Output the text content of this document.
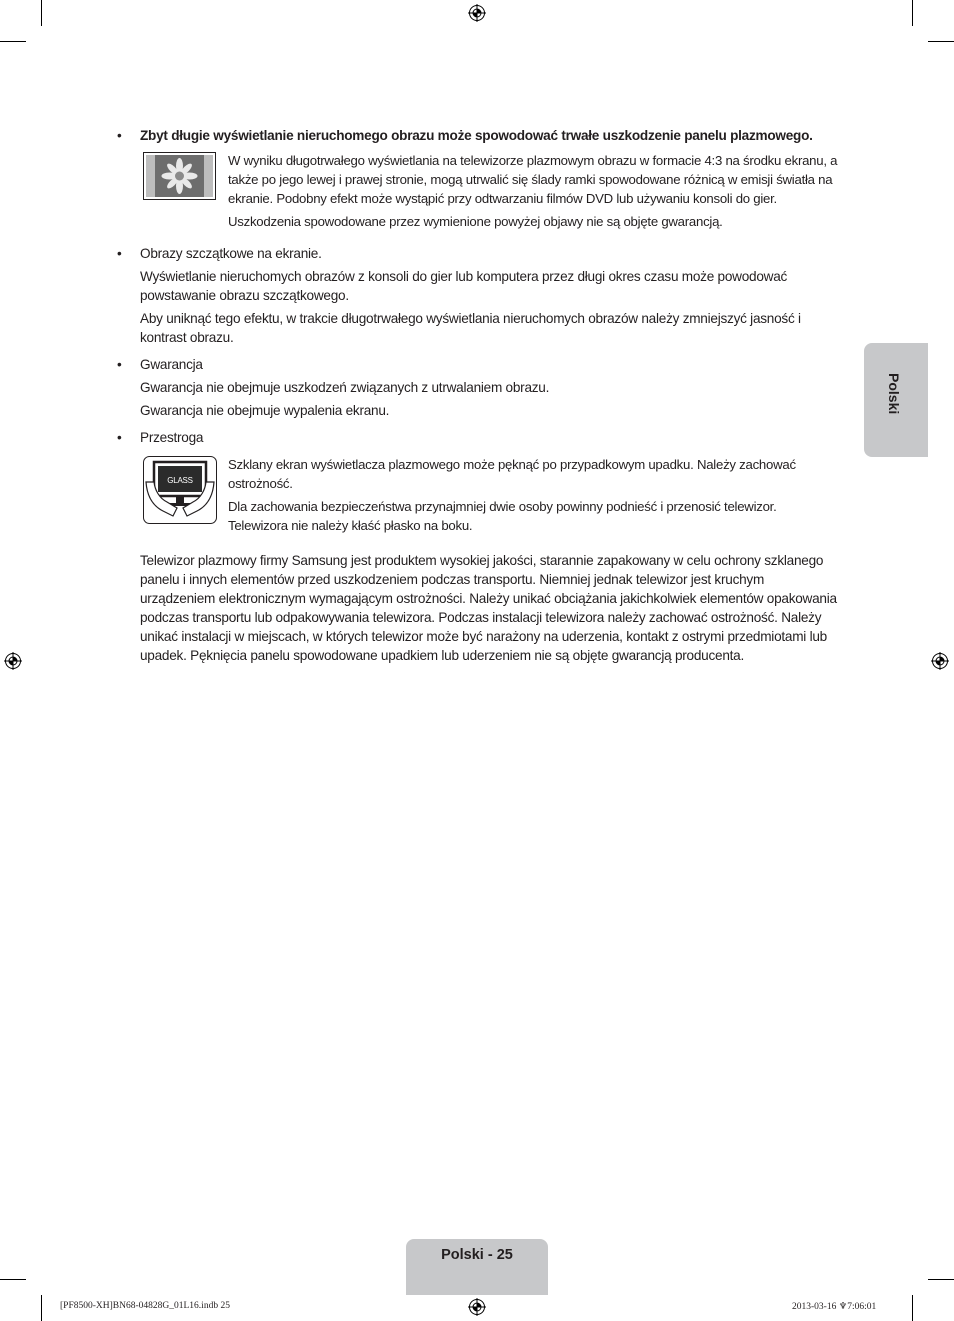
Polski
• Zbyt długie wyświetlanie nieruchomego obrazu może spowodować trwałe uszkodzenie panelu plazmowego.

W wyniku długotrwałego wyświetlania na telewizorze plazmowym obrazu w formacie 4:3 na środku ekranu, a także po jego lewej i prawej stronie, mogą utrwalić się ślady ramki spowodowane różnicą w emisji światła na ekranie. Podobny efekt może wystąpić przy odtwarzaniu filmów DVD lub używaniu konsoli do gier.

Uszkodzenia spowodowane przez wymienione powyżej objawy nie są objęte gwarancją.

• Obrazy szczątkowe na ekranie.

Wyświetlanie nieruchomych obrazów z konsoli do gier lub komputera przez długi okres czasu może powodować powstawanie obrazu szczątkowego.

Aby uniknąć tego efektu, w trakcie długotrwałego wyświetlania nieruchomych obrazów należy zmniejszyć jasność i kontrast obrazu.

• Gwarancja

Gwarancja nie obejmuje uszkodzeń związanych z utrwalaniem obrazu.

Gwarancja nie obejmuje wypalenia ekranu.

• Przestroga

GLASS

Szklany ekran wyświetlacza plazmowego może pęknąć po przypadkowym upadku. Należy zachować ostrożność.

Dla zachowania bezpieczeństwa przynajmniej dwie osoby powinny podnieść i przenosić telewizor. Telewizora nie należy kłaść płasko na boku.

Telewizor plazmowy firmy Samsung jest produktem wysokiej jakości, starannie zapakowany w celu ochrony szklanego panelu i innych elementów przed uszkodzeniem podczas transportu. Niemniej jednak telewizor jest kruchym urządzeniem elektronicznym wymagającym ostrożności. Należy unikać obciążania jakichkolwiek elementów opakowania podczas transportu lub odpakowywania telewizora. Podczas instalacji telewizora należy zachować ostrożność. Należy unikać instalacji w miejscach, w których telewizor może być narażony na uderzenia, kontakt z ostrymi przedmiotami lub upadek. Pęknięcia panelu spowodowane upadkiem lub uderzeniem nie są objęte gwarancją producenta.

Polski - 25
[PF8500-XH]BN68-04828G_01L16.indb 25	2013-03-16 ♆7:06:01
